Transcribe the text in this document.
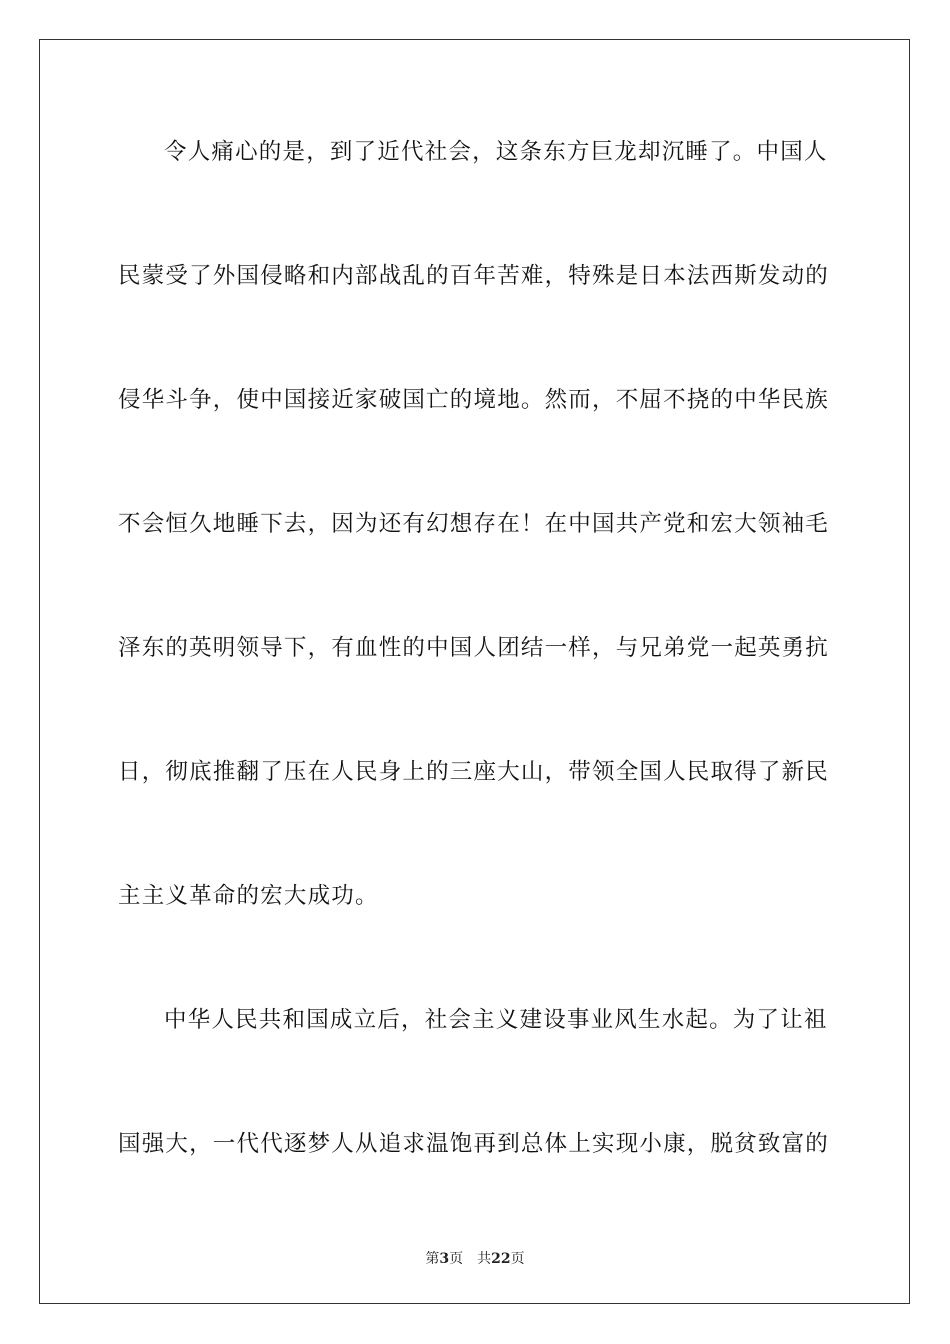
令人痛心的是，到了近代社会，这条东方巨龙却沉睡了。中国人
民蒙受了外国侵略和内部战乱的百年苦难，特殊是日本法西斯发动的
侵华斗争，使中国接近家破国亡的境地。然而，不屈不挠的中华民族
不会恒久地睡下去，因为还有幻想存在！在中国共产党和宏大领袖毛
泽东的英明领导下，有血性的中国人团结一样，与兄弟党一起英勇抗
日，彻底推翻了压在人民身上的三座大山，带领全国人民取得了新民
主主义革命的宏大成功。
中华人民共和国成立后，社会主义建设事业风生水起。为了让祖
国强大，一代代逐梦人从追求温饱再到总体上实现小康，脱贫致富的
第3页 共22页
